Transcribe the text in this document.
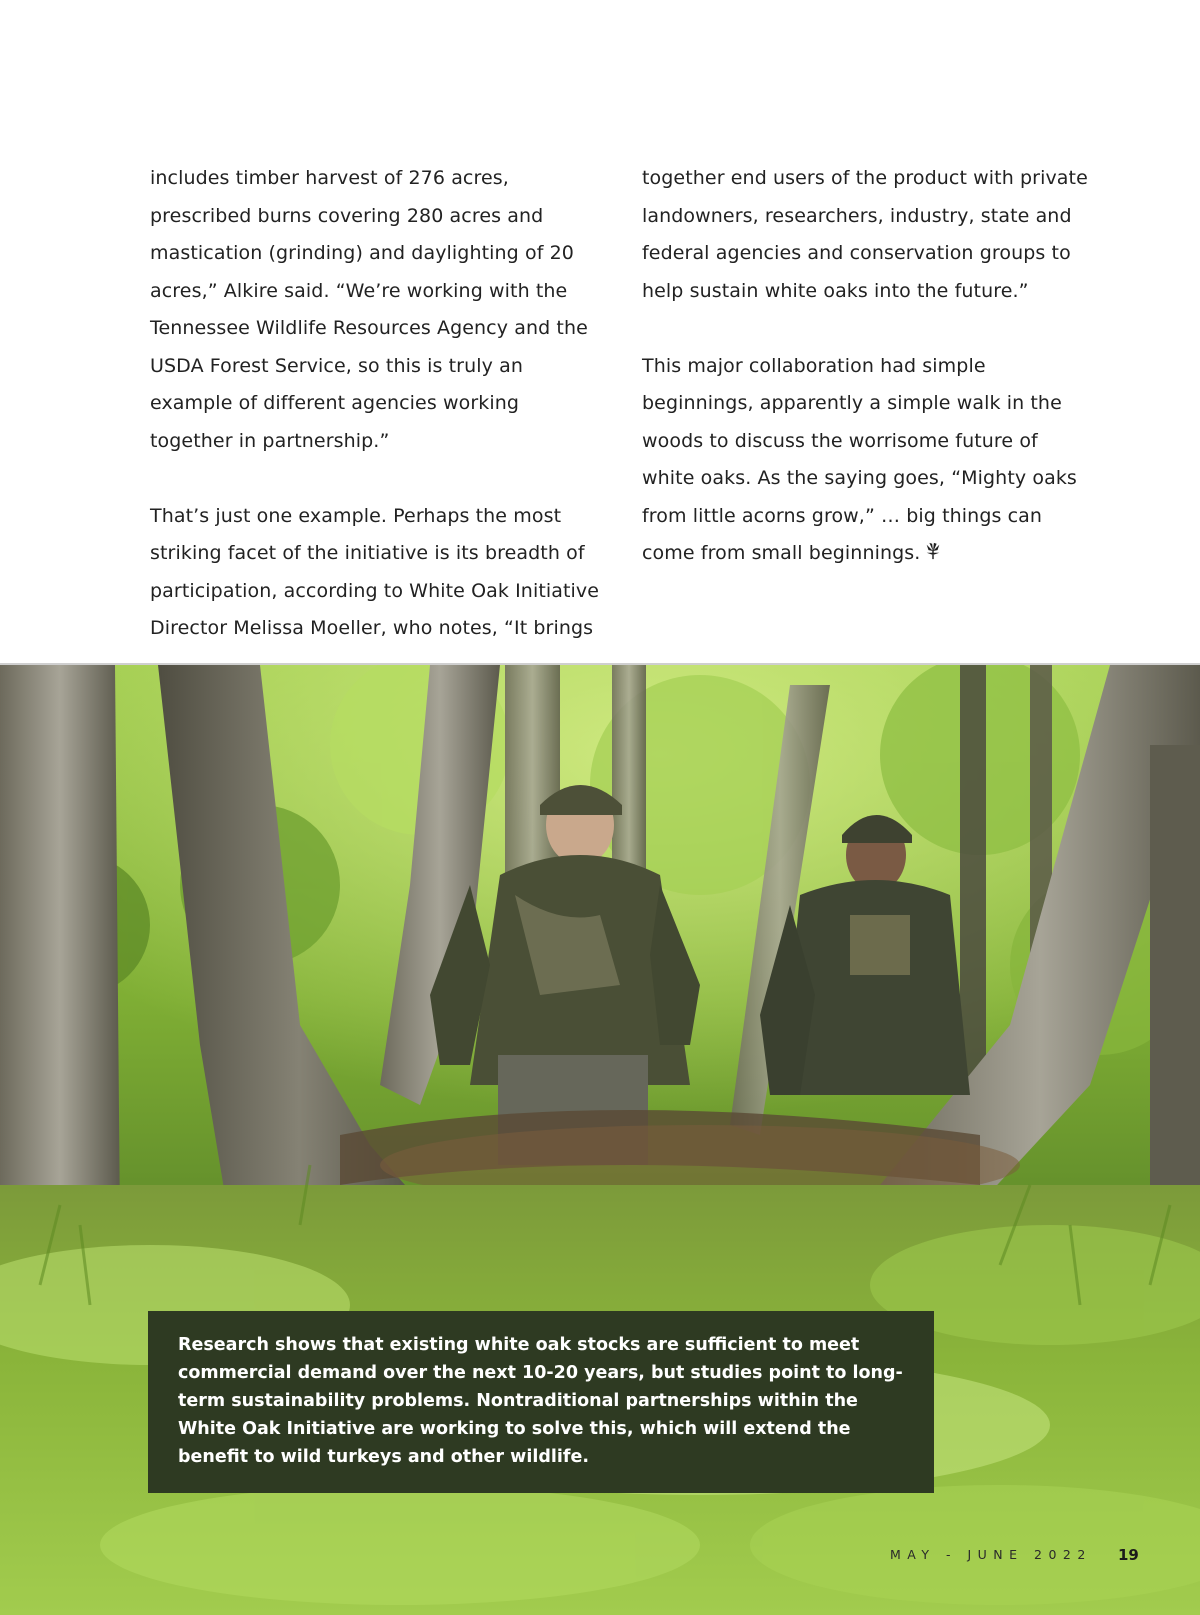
includes timber harvest of 276 acres, prescribed burns covering 280 acres and mastication (grinding) and daylighting of 20 acres,” Alkire said. “We’re working with the Tennessee Wildlife Resources Agency and the USDA Forest Service, so this is truly an example of different agencies working together in partnership.”

That’s just one example. Perhaps the most striking facet of the initiative is its breadth of participation, according to White Oak Initiative Director Melissa Moeller, who notes, “It brings

together end users of the product with private landowners, researchers, industry, state and federal agencies and conservation groups to help sustain white oaks into the future.”

This major collaboration had simple beginnings, apparently a simple walk in the woods to discuss the worrisome future of white oaks. As the saying goes, “Mighty oaks from little acorns grow,” … big things can come from small beginnings.

Research shows that existing white oak stocks are sufficient to meet commercial demand over the next 10-20 years, but studies point to long-term sustainability problems. Nontraditional partnerships within the White Oak Initiative are working to solve this, which will extend the benefit to wild turkeys and other wildlife.
MAY - JUNE 2022 19
